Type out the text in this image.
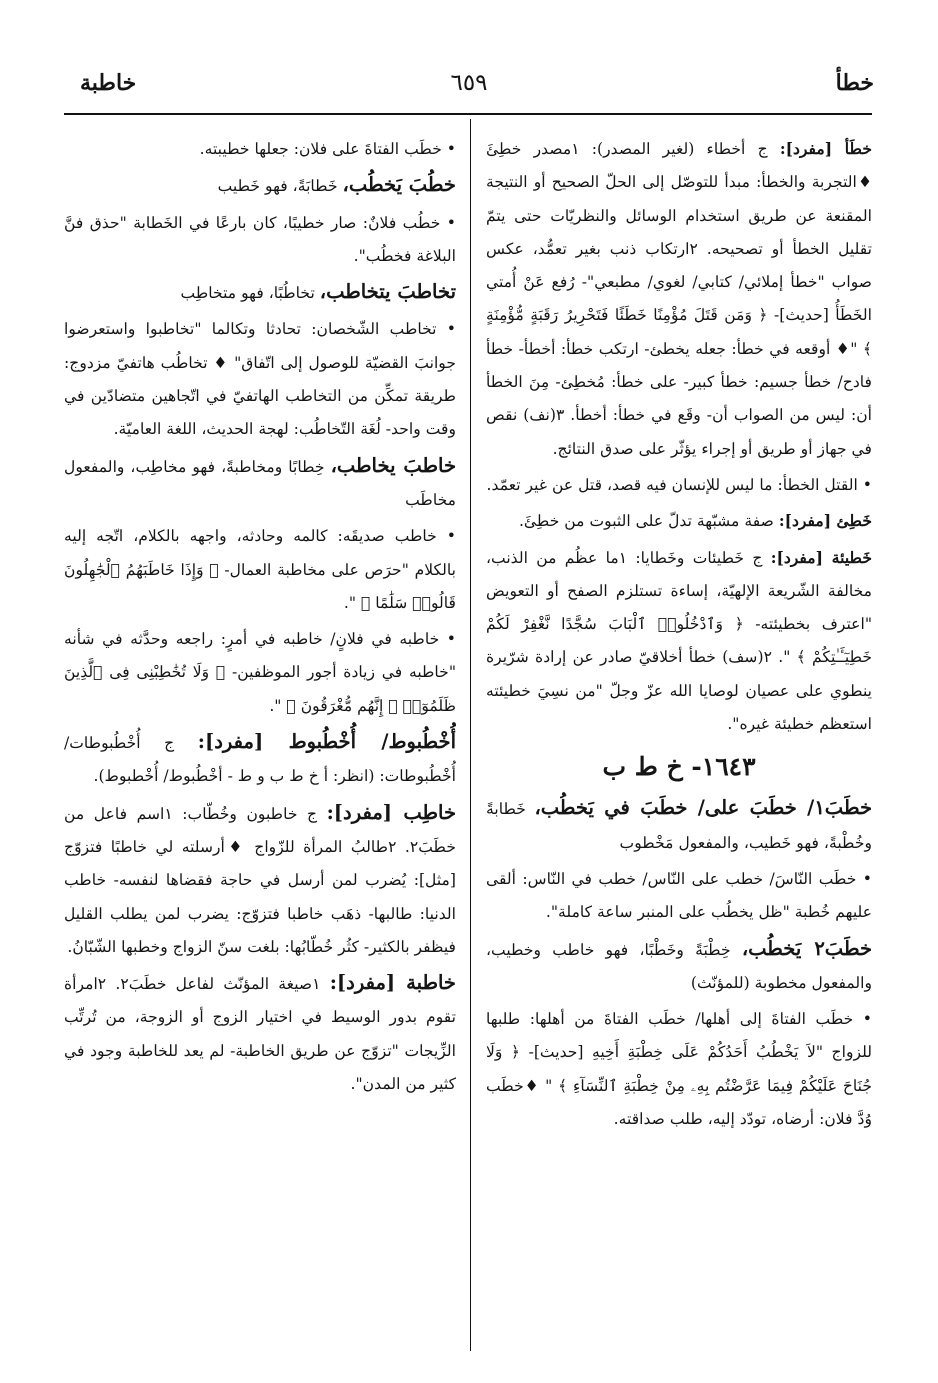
خطأ
٦٥٩
خاطبة

خطَأ [مفرد]: ج أخطاء (لغير المصدر): ١مصدر خطِئَ ♦التجربة والخطأ: مبدأ للتوصّل إلى الحلّ الصحيح أو النتيجة المقنعة عن طريق استخدام الوسائل والنظريّات حتى يتمّ تقليل الخطأ أو تصحيحه. ٢ارتكاب ذنب بغير تعمُّد، عكس صواب "خطأ إملائي/ كتابي/ لغوي/ مطبعي"- رُفع عَنْ أُمتي الخَطَأُ [حديث]- ﴿ وَمَن قَتَلَ مُؤْمِنًا خَطَئًا فَتَحْرِيرُ رَقَبَةٍ مُّؤْمِنَةٍ ﴾ "♦ أوقعه في خطأ: جعله يخطئ- ارتكب خطأ: أخطأ- خطأ فادح/ خطأ جسيم: خطأ كبير- على خطأ: مُخطِئ- مِنَ الخطأ أن: ليس من الصواب أن- وقَع في خطأ: أخطأ. ٣(نف) نقص في جهاز أو طريق أو إجراء يؤثّر على صدق النتائج.

• القتل الخطأ: ما ليس للإنسان فيه قصد، قتل عن غير تعمّد.

خَطِئ [مفرد]: صفة مشبّهة تدلّ على الثبوت من خطِئَ.

خَطيئة [مفرد]: ج خَطيئات وخَطايا: ١ما عظُم من الذنب، مخالفة الشّريعة الإلهيّة، إساءة تستلزم الصفح أو التعويض "اعترف بخطيئته- ﴿ وَٱدْخُلُوا۟ ٱلْبَابَ سُجَّدًا نَّغْفِرْ لَكُمْ خَطِيٓـَٔـٰتِكُمْ ﴾ ". ٢(سف) خطأ أخلاقيّ صادر عن إرادة شرّيرة ينطوي على عصيان لوصايا الله عزّ وجلّ "من نسِيَ خطيئته استعظم خطيئة غيره".

١٦٤٣- خ ط ب

خطَبَ١/ خطَبَ على/ خطَبَ في يَخطُب، خَطابةً وخُطْبةً، فهو خَطيب، والمفعول مَخْطوب

• خطَب النّاسَ/ خطب على النّاس/ خطب في النّاس: ألقى عليهم خُطبة "ظل يخطُب على المنبر ساعة كاملة".

خطَبَ٢ يَخطُب، خِطْبَةً وخَطْبًا، فهو خاطب وخطيب، والمفعول مخطوبة (للمؤنّث)

• خطَب الفتاةَ إلى أهلها/ خطَب الفتاةَ من أهلها: طلبها للزواج "لاَ يَخْطُبُ أَحَدُكُمْ عَلَى خِطْبَةِ أَخِيهِ [حديث]- ﴿ وَلَا جُنَاحَ عَلَيْكُمْ فِيمَا عَرَّضْتُم بِهِۦ مِنْ خِطْبَةِ ٱلنِّسَآءِ ﴾ " ♦خطَب وُدَّ فلان: أرضاه، تودّد إليه، طلب صداقته.

• خطَب الفتاةَ على فلان: جعلها خطيبته.

خطُبَ يَخطُب، خَطابَةً، فهو خَطيب

• خطُب فلانٌ: صار خطيبًا، كان بارعًا في الخَطابة "حذق فنَّ البلاغة فخطُب".

تخاطبَ يتخاطب، تخاطُبًا، فهو متخاطِب

• تخاطب الشّخصان: تحادثا وتكالما "تخاطبوا واستعرضوا جوانبَ القضيّة للوصول إلى اتّفاق" ♦ تخاطُب هاتفيّ مزدوج: طريقة تمكِّن من التخاطب الهاتفيّ في اتّجاهين متضادّين في وقت واحد- لُغَة التّخاطُب: لهجة الحديث، اللغة العاميّة.

خاطبَ يخاطب، خِطابًا ومخاطبةً، فهو مخاطِب، والمفعول مخاطَب

• خاطب صديقَه: كالمه وحادثه، واجهه بالكلام، اتّجه إليه بالكلام "حرَص على مخاطبة العمال- ﴿ وَإِذَا خَاطَبَهُمُ ٱلْجَٰهِلُونَ قَالُوا۟ سَلَٰمًا ﴾ ".

• خاطبه في فلانٍ/ خاطبه في أمرٍ: راجعه وحدَّثه في شأنه "خاطبه في زيادة أجور الموظفين- ﴿ وَلَا تُخَٰطِبْنِى فِى ٱلَّذِينَ ظَلَمُوٓا۟ ۚ إِنَّهُم مُّغْرَقُونَ ﴾ ".

أُخْطُبوط/ أُخْطُبوط [مفرد]: ج أُخْطُبوطات/ أُخْطُبوطات: (انظر: أ خ ط ب و ط - أخْطُبوط/ أُخْطبوط).

خاطِب [مفرد]: ج خاطبون وخُطّاب: ١اسم فاعل من خطَبَ٢. ٢طالبُ المرأة للزّواج ♦أرسلته لي خاطبًا فتزوّج [مثل]: يُضرب لمن أرسل في حاجة فقضاها لنفسه- خاطب الدنيا: طالبها- ذهَب خاطبا فتزوّج: يضرب لمن يطلب القليل فيظفر بالكثير- كثُر خُطّابُها: بلغت سنّ الزواج وخطبها الشّبّانُ.

خاطبة [مفرد]: ١صيغة المؤنّث لفاعل خطَبَ٢. ٢امرأة تقوم بدور الوسيط في اختيار الزوج أو الزوجة، من تُرتِّب الزِّيجات "تزوّج عن طريق الخاطبة- لم يعد للخاطبة وجود في كثير من المدن".
